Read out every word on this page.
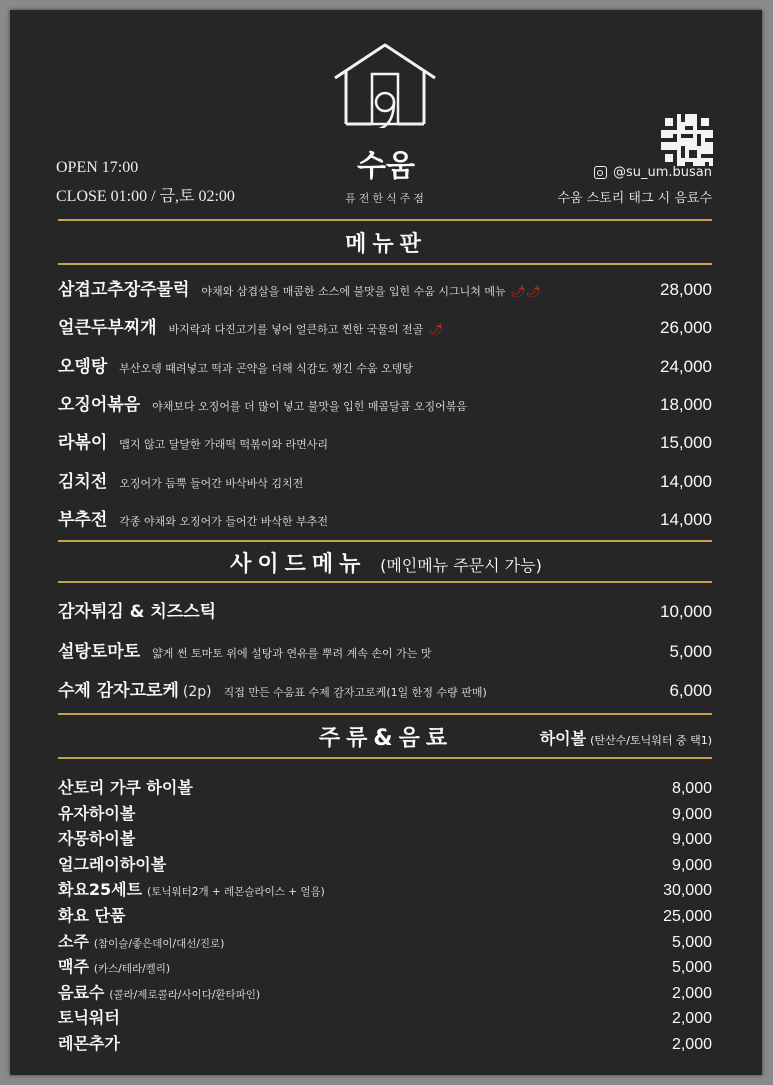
OPEN 17:00
CLOSE 01:00 / 금,토 02:00
수움
퓨전한식주점
@su_um.busan
수움 스토리 태그 시 음료수
메뉴판
삼겹고추장주물럭 야채와 삼겹살을 매콤한 소스에 불맛을 입힌 수움 시그니쳐 메뉴 🌶🌶	28,000
얼큰두부찌개 바지락과 다진고기를 넣어 얼큰하고 찐한 국물의 전골 🌶	26,000
오뎅탕 부산오뎅 때려넣고 떡과 곤약을 더해 식감도 챙긴 수움 오뎅탕	24,000
오징어볶음 야채보다 오징어를 더 많이 넣고 불맛을 입힌 매콤달콤 오징어볶음	18,000
라볶이 맵지 않고 달달한 가래떡 떡볶이와 라면사리	15,000
김치전 오징어가 듬뿍 들어간 바삭바삭 김치전	14,000
부추전 각종 야채와 오징어가 들어간 바삭한 부추전	14,000
사이드메뉴 (메인메뉴 주문시 가능)
감자튀김 & 치즈스틱	10,000
설탕토마토 얇게 썬 토마토 위에 설탕과 연유를 뿌려 계속 손이 가는 맛	5,000
수제 감자고로케 (2p) 직접 만든 수움표 수제 감자고로케(1일 한정 수량 판매)	6,000
주류&음료	하이볼 (탄산수/토닉워터 중 택1)
산토리 가쿠 하이볼	8,000
유자하이볼	9,000
자몽하이볼	9,000
얼그레이하이볼	9,000
화요25세트 (토닉워터2개 + 레몬슬라이스 + 얼음)	30,000
화요 단품	25,000
소주 (참이슬/좋은데이/대선/진로)	5,000
맥주 (카스/테라/켈리)	5,000
음료수 (콜라/제로콜라/사이다/환타파인)	2,000
토닉워터	2,000
레몬추가	2,000
